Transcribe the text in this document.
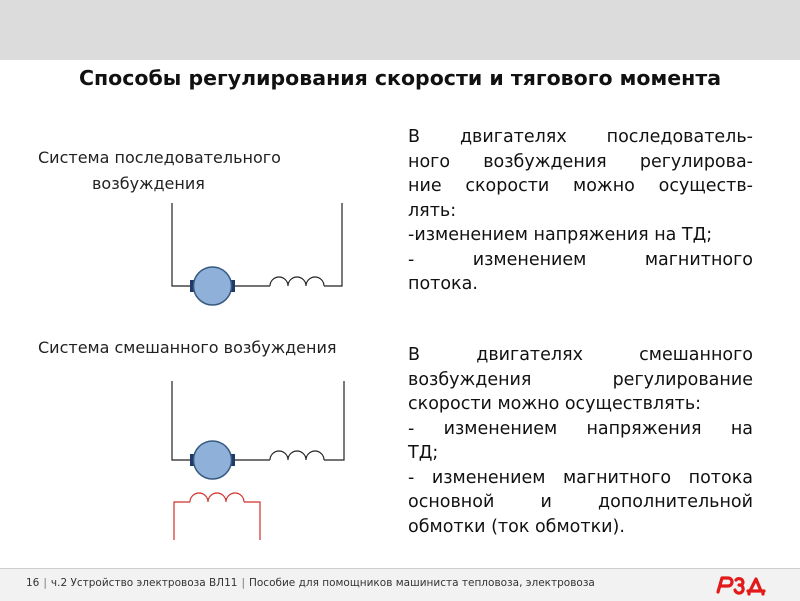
Способы регулирования скорости и тягового момента
Система последовательного
возбуждения
Система смешанного возбуждения
В двигателях последователь-
ного возбуждения регулирова-
ние скорости можно осуществ-
лять:
-изменением напряжения на ТД;
- изменением магнитного
потока.
В двигателях смешанного
возбуждения регулирование
скорости можно осуществлять:
- изменением напряжения на
ТД;
- изменением магнитного потока
основной и дополнительной
обмотки (ток обмотки).
16 | ч.2 Устройство электровоза ВЛ11 | Пособие для помощников машиниста тепловоза, электровоза
